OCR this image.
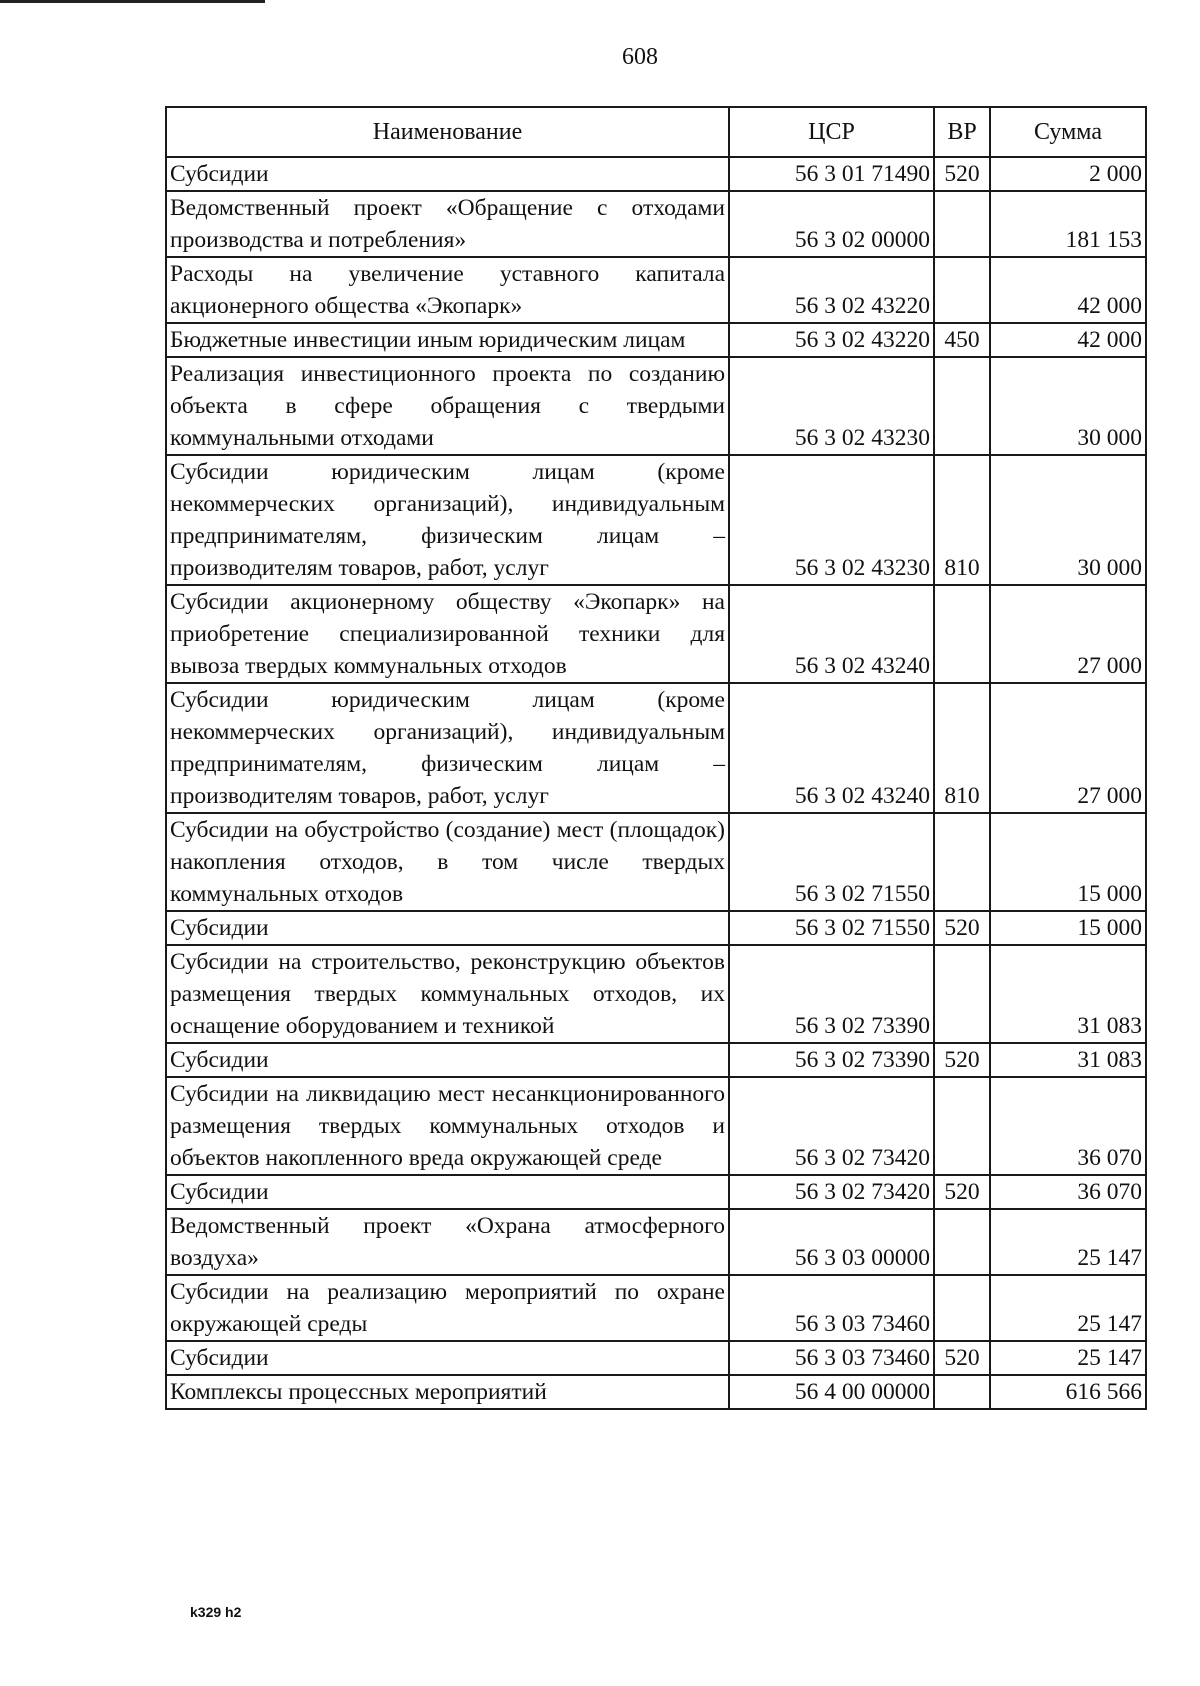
608
Наименование	ЦСР	ВР	Сумма
Субсидии	56 3 01 71490	520	2 000
Ведомственный проект «Обращение с отходами производства и потребления»	56 3 02 00000		181 153
Расходы на увеличение уставного капитала акционерного общества «Экопарк»	56 3 02 43220		42 000
Бюджетные инвестиции иным юридическим лицам	56 3 02 43220	450	42 000
Реализация инвестиционного проекта по созданию объекта в сфере обращения с твердыми коммунальными отходами	56 3 02 43230		30 000
Субсидии юридическим лицам (кроме некоммерческих организаций), индивидуальным предпринимателям, физическим лицам – производителям товаров, работ, услуг	56 3 02 43230	810	30 000
Субсидии акционерному обществу «Экопарк» на приобретение специализированной техники для вывоза твердых коммунальных отходов	56 3 02 43240		27 000
Субсидии юридическим лицам (кроме некоммерческих организаций), индивидуальным предпринимателям, физическим лицам – производителям товаров, работ, услуг	56 3 02 43240	810	27 000
Субсидии на обустройство (создание) мест (площадок) накопления отходов, в том числе твердых коммунальных отходов	56 3 02 71550		15 000
Субсидии	56 3 02 71550	520	15 000
Субсидии на строительство, реконструкцию объектов размещения твердых коммунальных отходов, их оснащение оборудованием и техникой	56 3 02 73390		31 083
Субсидии	56 3 02 73390	520	31 083
Субсидии на ликвидацию мест несанкционированного размещения твердых коммунальных отходов и объектов накопленного вреда окружающей среде	56 3 02 73420		36 070
Субсидии	56 3 02 73420	520	36 070
Ведомственный проект «Охрана атмосферного воздуха»	56 3 03 00000		25 147
Субсидии на реализацию мероприятий по охране окружающей среды	56 3 03 73460		25 147
Субсидии	56 3 03 73460	520	25 147
Комплексы процессных мероприятий	56 4 00 00000		616 566
k329 h2
